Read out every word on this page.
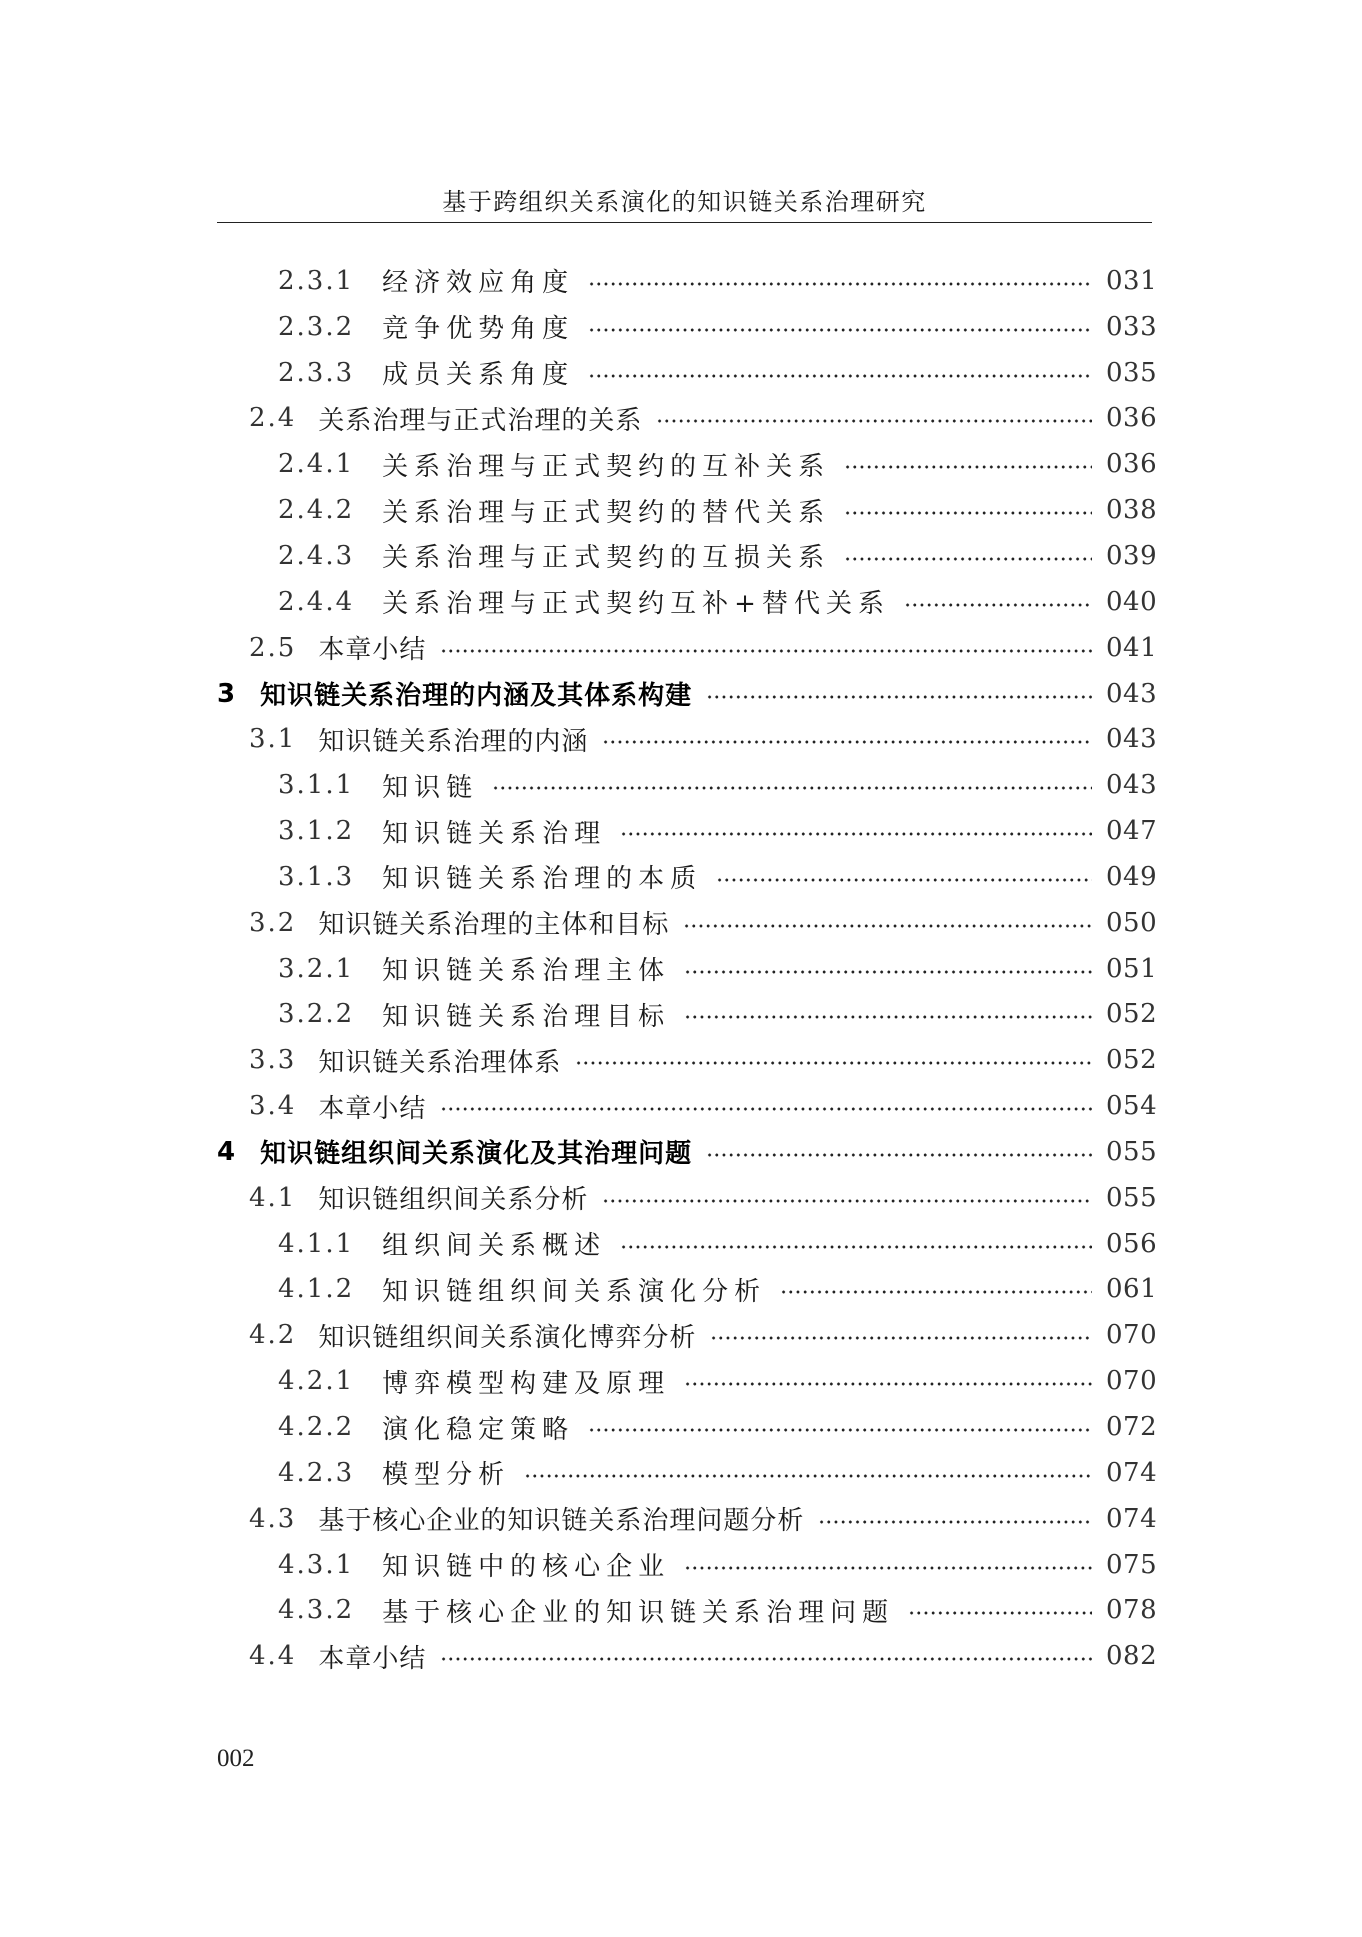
基于跨组织关系演化的知识链关系治理研究
2.3.1 经济效应角度	031
2.3.2 竞争优势角度	033
2.3.3 成员关系角度	035
2.4 关系治理与正式治理的关系	036
2.4.1 关系治理与正式契约的互补关系	036
2.4.2 关系治理与正式契约的替代关系	038
2.4.3 关系治理与正式契约的互损关系	039
2.4.4 关系治理与正式契约互补+替代关系	040
2.5 本章小结	041
3 知识链关系治理的内涵及其体系构建	043
3.1 知识链关系治理的内涵	043
3.1.1 知识链	043
3.1.2 知识链关系治理	047
3.1.3 知识链关系治理的本质	049
3.2 知识链关系治理的主体和目标	050
3.2.1 知识链关系治理主体	051
3.2.2 知识链关系治理目标	052
3.3 知识链关系治理体系	052
3.4 本章小结	054
4 知识链组织间关系演化及其治理问题	055
4.1 知识链组织间关系分析	055
4.1.1 组织间关系概述	056
4.1.2 知识链组织间关系演化分析	061
4.2 知识链组织间关系演化博弈分析	070
4.2.1 博弈模型构建及原理	070
4.2.2 演化稳定策略	072
4.2.3 模型分析	074
4.3 基于核心企业的知识链关系治理问题分析	074
4.3.1 知识链中的核心企业	075
4.3.2 基于核心企业的知识链关系治理问题	078
4.4 本章小结	082
002
